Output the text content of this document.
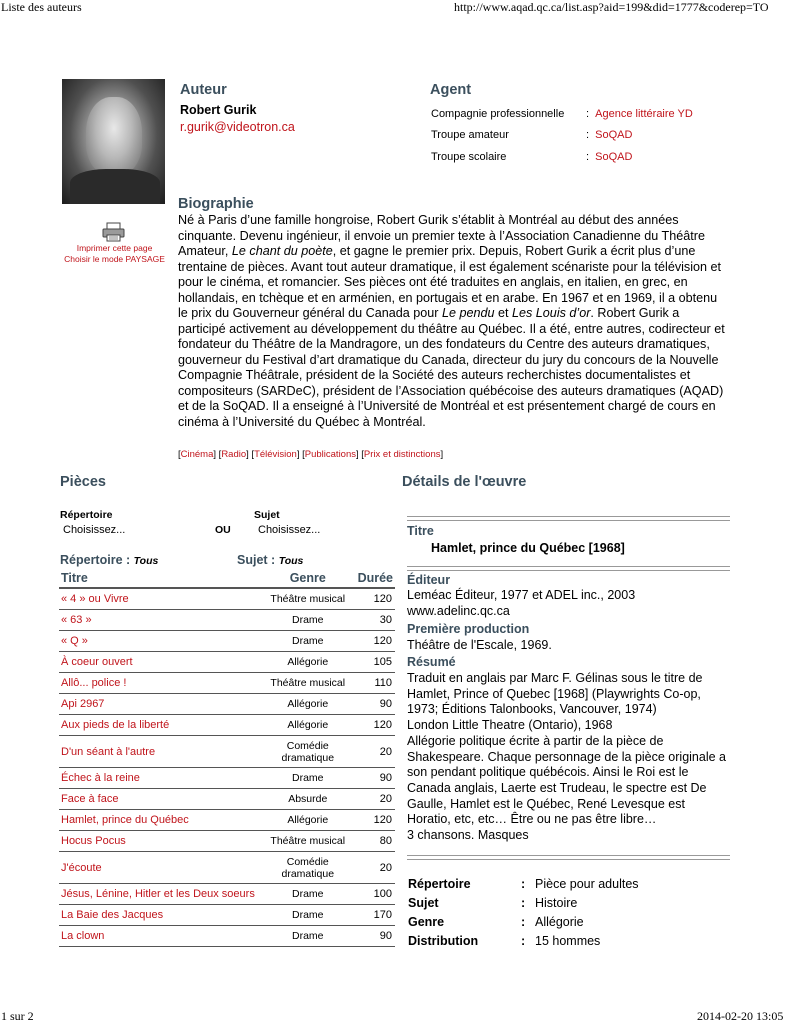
Liste des auteurs	http://www.aqad.qc.ca/list.asp?aid=199&did=1777&coderep=TO
1 sur 2	2014-02-20 13:05
Auteur
Robert Gurik
r.gurik@videotron.ca
Agent
Compagnie professionnelle :  Agence littéraire YD
Troupe amateur	:  SoQAD
Troupe scolaire	:  SoQAD
Imprimer cette page
Choisir le mode PAYSAGE
Biographie
Né à Paris d’une famille hongroise, Robert Gurik s’établit à Montréal au début des années cinquante. Devenu ingénieur, il envoie un premier texte à l’Association Canadienne du Théâtre Amateur, Le chant du poète, et gagne le premier prix. Depuis, Robert Gurik a écrit plus d’une trentaine de pièces. Avant tout auteur dramatique, il est également scénariste pour la télévision et pour le cinéma, et romancier. Ses pièces ont été traduites en anglais, en italien, en grec, en hollandais, en tchèque et en arménien, en portugais et en arabe. En 1967 et en 1969, il a obtenu le prix du Gouverneur général du Canada pour Le pendu et Les Louis d’or. Robert Gurik a participé activement au développement du théâtre au Québec. Il a été, entre autres, codirecteur et fondateur du Théâtre de la Mandragore, un des fondateurs du Centre des auteurs dramatiques, gouverneur du Festival d’art dramatique du Canada, directeur du jury du concours de la Nouvelle Compagnie Théâtrale, président de la Société des auteurs recherchistes documentalistes et compositeurs (SARDeC), président de l’Association québécoise des auteurs dramatiques (AQAD) et de la SoQAD. Il a enseigné à l’Université de Montréal et est présentement chargé de cours en cinéma à l’Université du Québec à Montréal.
[Cinéma] [Radio] [Télévision] [Publications] [Prix et distinctions]
Pièces
Répertoire
Choisissez...	OU
Sujet
Choisissez...
Répertoire : Tous	Sujet : Tous
Titre	Genre	Durée
« 4 » ou Vivre	Théâtre musical	120
« 63 »	Drame	30
« Q »	Drame	120
À coeur ouvert	Allégorie	105
Allô... police !	Théâtre musical	110
Api 2967	Allégorie	90
Aux pieds de la liberté	Allégorie	120
D'un séant à l'autre	Comédie dramatique	20
Échec à la reine	Drame	90
Face à face	Absurde	20
Hamlet, prince du Québec	Allégorie	120
Hocus Pocus	Théâtre musical	80
J'écoute	Comédie dramatique	20
Jésus, Lénine, Hitler et les Deux soeurs	Drame	100
La Baie des Jacques	Drame	170
La clown	Drame	90
Détails de l'œuvre
Titre
Hamlet, prince du Québec [1968]
Éditeur
Leméac Éditeur, 1977 et ADEL inc., 2003
www.adelinc.qc.ca
Première production
Théâtre de l'Escale, 1969.
Résumé
Traduit en anglais par Marc F. Gélinas sous le titre de
Hamlet, Prince of Quebec [1968] (Playwrights Co-op,
1973; Éditions Talonbooks, Vancouver, 1974)
London Little Theatre (Ontario), 1968
Allégorie politique écrite à partir de la pièce de
Shakespeare. Chaque personnage de la pièce originale a
son pendant politique québécois. Ainsi le Roi est le
Canada anglais, Laerte est Trudeau, le spectre est De
Gaulle, Hamlet est le Québec, René Levesque est
Horatio, etc, etc… Être ou ne pas être libre…
3 chansons. Masques
Répertoire	: Pièce pour adultes
Sujet	: Histoire
Genre	: Allégorie
Distribution	: 15 hommes
